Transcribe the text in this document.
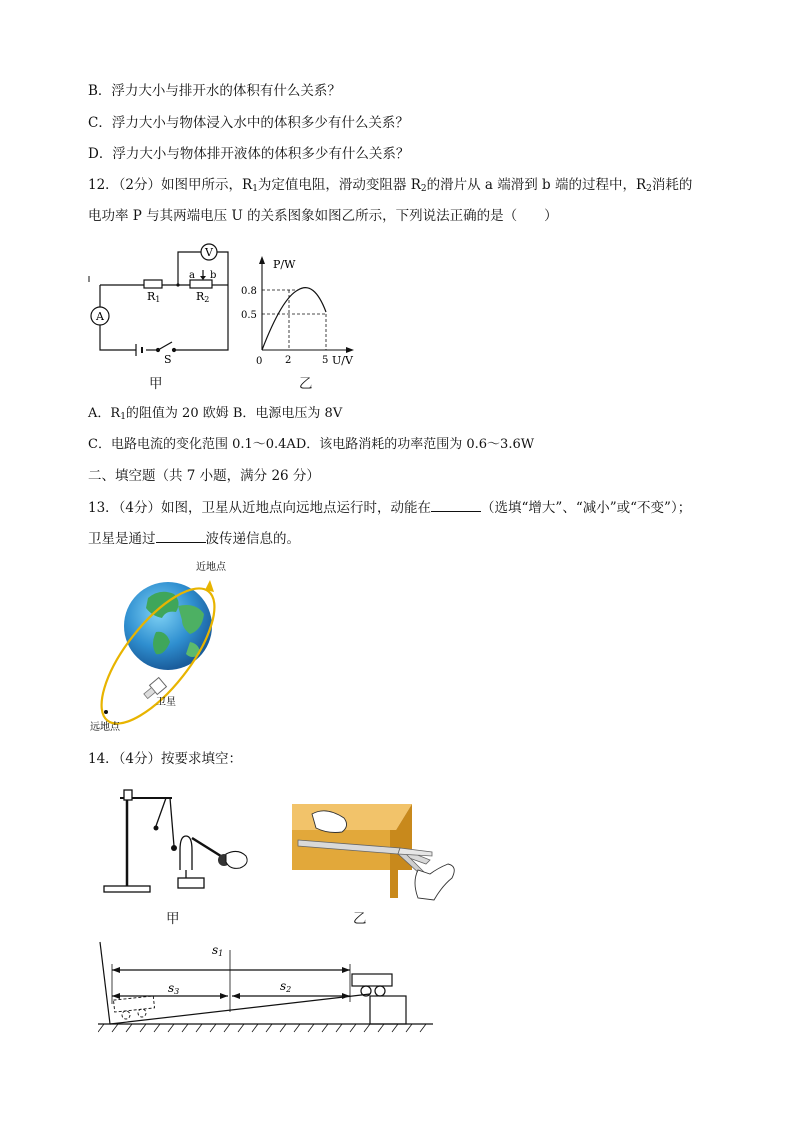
B．浮力大小与排开水的体积有什么关系？
C．浮力大小与物体浸入水中的体积多少有什么关系？
D．浮力大小与物体排开液体的体积多少有什么关系？
12．（2分）如图甲所示，$R_1$为定值电阻，滑动变阻器 $R_2$的滑片从 a 端滑到 b 端的过程中，$R_2$消耗的
电功率 P 与其两端电压 U 的关系图象如图乙所示，下列说法正确的是（　　）
V
A
R1	R2
a b
S
甲
P/W
U/V
0
0.8
0.5
2	5
乙
A．$R_1$的阻值为 20 欧姆 B．电源电压为 8V
C．电路电流的变化范围 0.1～0.4AD．该电路消耗的功率范围为 0.6～3.6W
二、填空题（共 7 小题，满分 26 分）
13．（4分）如图，卫星从近地点向远地点运行时，动能在	（选填“增大”、“减小”或“不变”）；
卫星是通过	波传递信息的。
近地点
远地点
卫星
14．（4分）按要求填空：
甲	乙
s1
s3	s2
